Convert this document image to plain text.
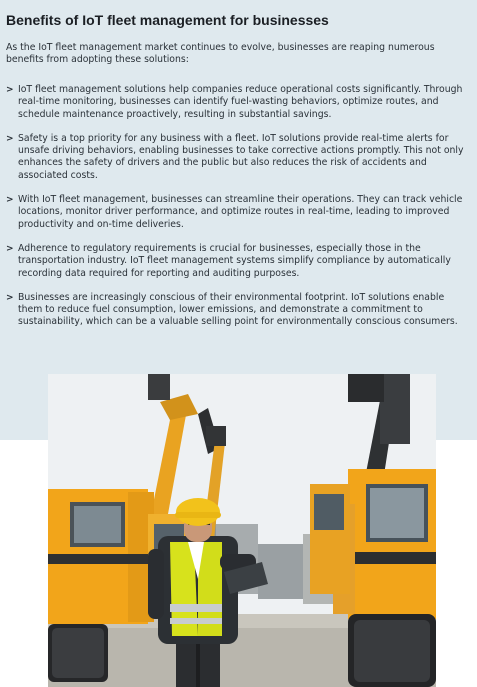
Benefits of IoT fleet management for businesses

As the IoT fleet management market continues to evolve, businesses are reaping numerous benefits from adopting these solutions:

> IoT fleet management solutions help companies reduce operational costs significantly. Through real-time monitoring, businesses can identify fuel-wasting behaviors, optimize routes, and schedule maintenance proactively, resulting in substantial savings.
> Safety is a top priority for any business with a fleet. IoT solutions provide real-time alerts for unsafe driving behaviors, enabling businesses to take corrective actions promptly. This not only enhances the safety of drivers and the public but also reduces the risk of accidents and associated costs.
> With IoT fleet management, businesses can streamline their operations. They can track vehicle locations, monitor driver performance, and optimize routes in real-time, leading to improved productivity and on-time deliveries.
> Adherence to regulatory requirements is crucial for businesses, especially those in the transportation industry. IoT fleet management systems simplify compliance by automatically recording data required for reporting and auditing purposes.
> Businesses are increasingly conscious of their environmental footprint. IoT solutions enable them to reduce fuel consumption, lower emissions, and demonstrate a commitment to sustainability, which can be a valuable selling point for environmentally conscious consumers.
